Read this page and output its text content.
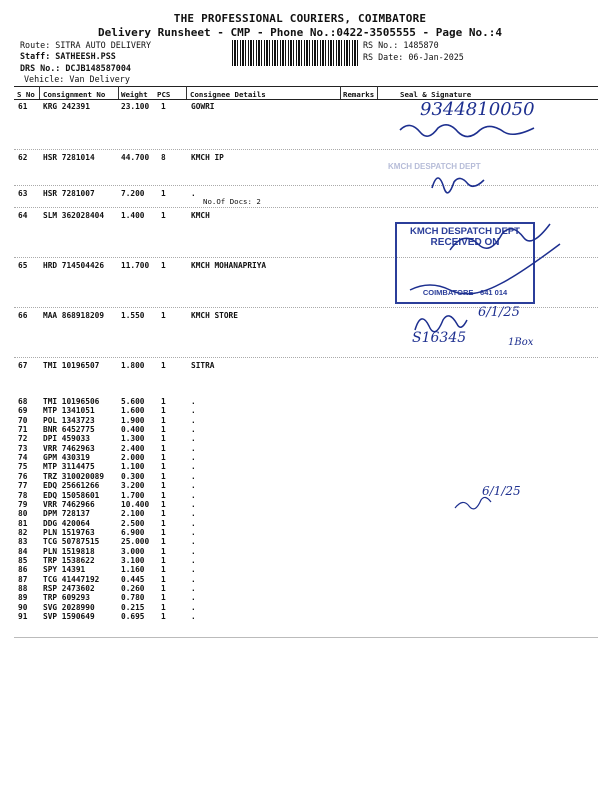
THE PROFESSIONAL COURIERS, COIMBATORE
Delivery Runsheet - CMP - Phone No.:0422-3505555 - Page No.:4
Route: SITRA AUTO DELIVERY
Staff: SATHEESH.PSS
DRS No.: DCJB148587004
Vehicle: Van Delivery
RS No.: 1485870
RS Date: 06-Jan-2025
S No Consignment No Weight PCS	Consignee Details	Remarks	Seal & Signature
61 KRG 242391	23.100 1	GOWRI
62 HSR 7281014	44.700 8	KMCH IP
63 HSR 7281007	7.200 1	.
64 SLM 362028404 1.400 1	KMCH
65 HRD 714504426 11.700 1	KMCH MOHANAPRIYA
66 MAA 868918209 1.550 1	KMCH STORE
67 TMI 10196507	1.800 1	SITRA
68 TMI 10196506	5.600 1	.
69 MTP 1341051	1.600 1	.
70 POL 1343723	1.900 1	.
71 BNR 6452775	0.400 1	.
72 DPI 459033	1.300 1	.
73 VRR 7462963	2.400 1	.
74 GPM 430319	2.000 1	.
75 MTP 3114475	1.100 1	.
76 TRZ 310020089 0.300 1	.
77 EDQ 25661266	3.200 1	.
78 EDQ 15058601	1.700 1	.
79 VRR 7462966	10.400 1	.
80 DPM 728137	2.100 1	.
81 DDG 420064	2.500 1	.
82 PLN 1519763	6.900 1	.
83 TCG 50787515	25.000 1	.
84 PLN 1519818	3.000 1	.
85 TRP 1538622	3.100 1	.
86 SPY 14391	1.160 1	.
87 TCG 41447192	0.445 1	.
88 RSP 2473602	0.260 1	.
89 TRP 609293	0.780 1	.
90 SVG 2028990	0.215 1	.
91 SVP 1590649	0.695 1	.
No.Of Docs: 2
KMCH DESPATCH DEPT
KMCH DESPATCH DEPT
RECEIVED ON
COIMBATORE - 641 014
9344810050
6/1/25
S16345	1Box
6/1/25
